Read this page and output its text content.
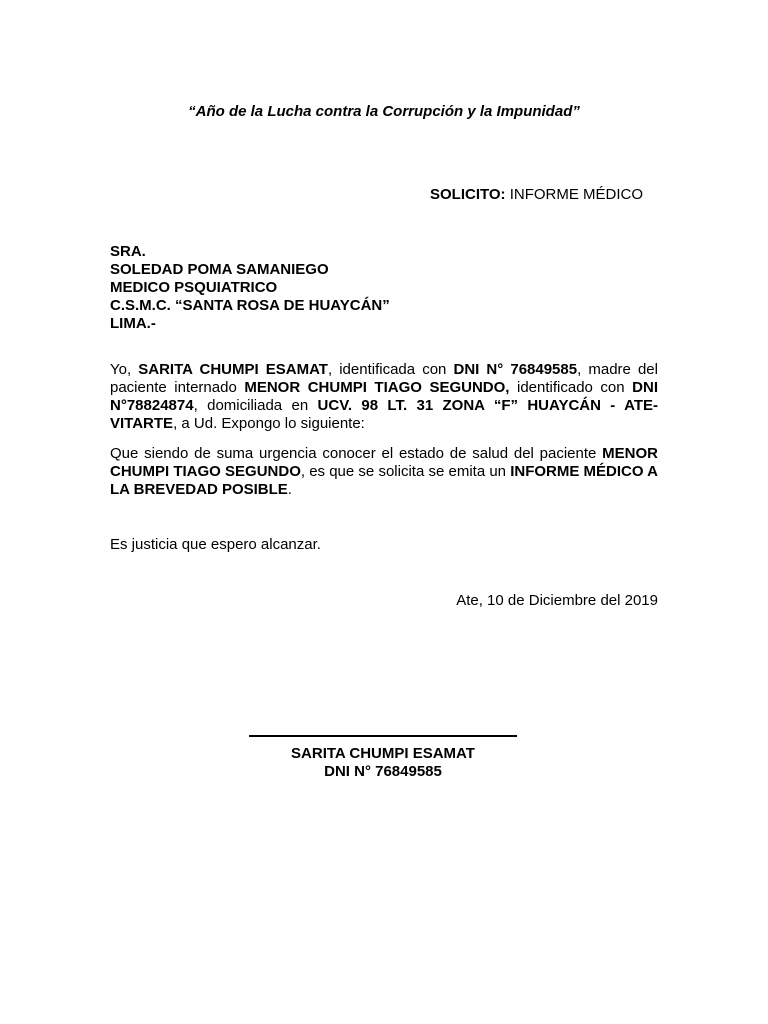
“Año de la Lucha contra la Corrupción y la Impunidad”
SOLICITO: INFORME MÉDICO
SRA.
SOLEDAD POMA SAMANIEGO
MEDICO PSQUIATRICO
C.S.M.C. “SANTA ROSA DE HUAYCÁN”
LIMA.-
Yo, SARITA CHUMPI ESAMAT, identificada con DNI N° 76849585, madre del paciente internado MENOR CHUMPI TIAGO SEGUNDO, identificado con DNI N°78824874, domiciliada en UCV. 98 LT. 31 ZONA “F” HUAYCÁN - ATE-VITARTE, a Ud. Expongo lo siguiente:
Que siendo de suma urgencia conocer el estado de salud del paciente MENOR CHUMPI TIAGO SEGUNDO, es que se solicita se emita un INFORME MÉDICO A LA BREVEDAD POSIBLE.
Es justicia que espero alcanzar.
Ate, 10 de Diciembre del 2019
SARITA CHUMPI ESAMAT
DNI N° 76849585
